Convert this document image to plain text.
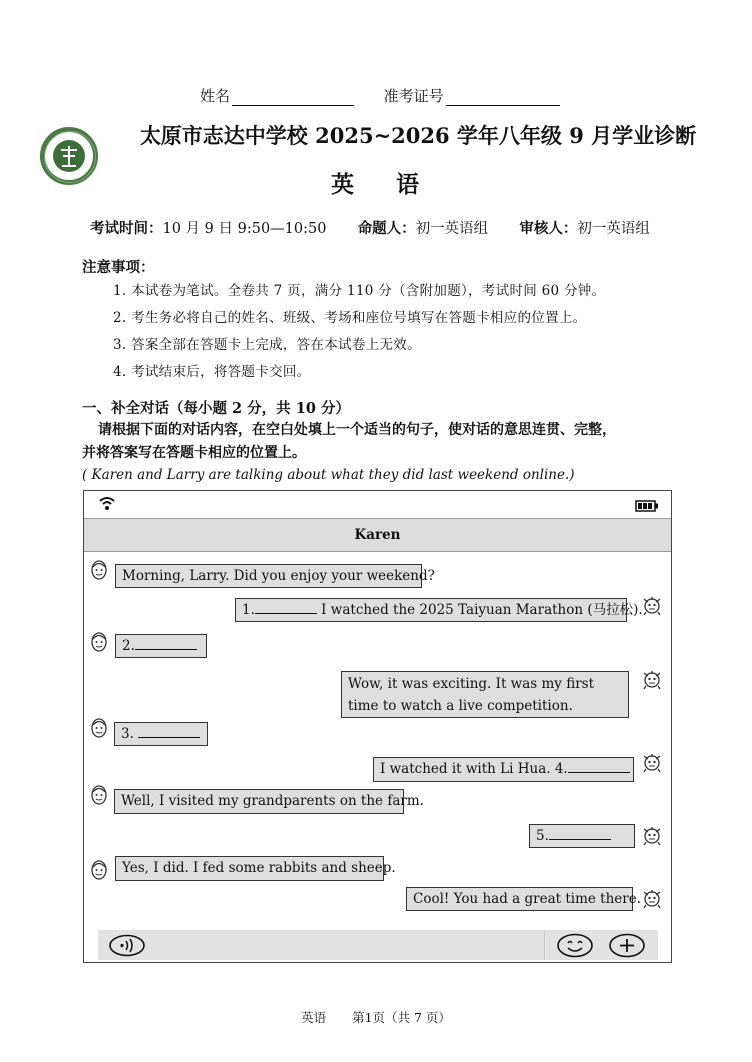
姓名	准考证号
太原市志达中学校 2025~2026 学年八年级 9 月学业诊断
英 语
考试时间：10 月 9 日 9:50—10:50 命题人：初一英语组 审核人：初一英语组
注意事项：
1. 本试卷为笔试。全卷共 7 页，满分 110 分（含附加题），考试时间 60 分钟。
2. 考生务必将自己的姓名、班级、考场和座位号填写在答题卡相应的位置上。
3. 答案全部在答题卡上完成，答在本试卷上无效。
4. 考试结束后，将答题卡交回。
一、补全对话（每小题 2 分，共 10 分）
请根据下面的对话内容，在空白处填上一个适当的句子，使对话的意思连贯、完整，
并将答案写在答题卡相应的位置上。
( Karen and Larry are talking about what they did last weekend online.)
Karen
Morning, Larry. Did you enjoy your weekend?
1.	I watched the 2025 Taiyuan Marathon (马拉松).
2.
Wow, it was exciting. It was my first time to watch a live competition.
3.
I watched it with Li Hua. 4.
Well, I visited my grandparents on the farm.
5.
Yes, I did. I fed some rabbits and sheep.
Cool! You had a great time there.
英语 第1页（共 7 页）
